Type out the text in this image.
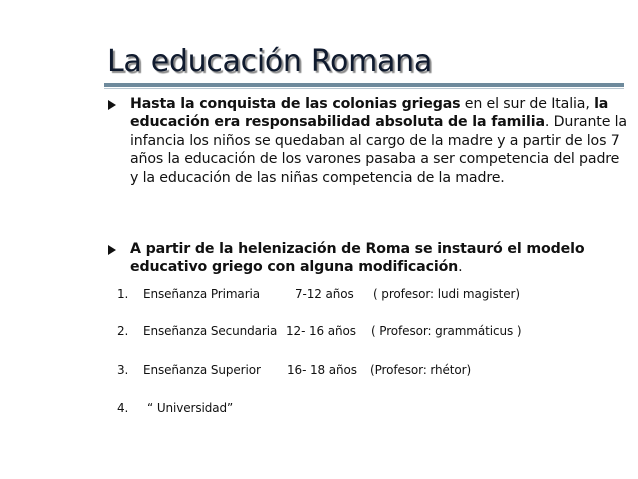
La educación Romana
Hasta la conquista de las colonias griegas en el sur de Italia, la educación era responsabilidad absoluta de la familia. Durante la infancia los niños se quedaban al cargo de la madre y a partir de los 7 años la educación de los varones pasaba a ser competencia del padre y la educación de las niñas competencia de la madre.
A partir de la helenización de Roma se instauró el modelo educativo griego con alguna modificación.
1. Enseñanza Primaria	7-12 años ( profesor: ludi magister)
2. Enseñanza Secundaria 12- 16 años ( Profesor: grammáticus )
3. Enseñanza Superior 16- 18 años (Profesor: rhétor)
4. “ Universidad”
